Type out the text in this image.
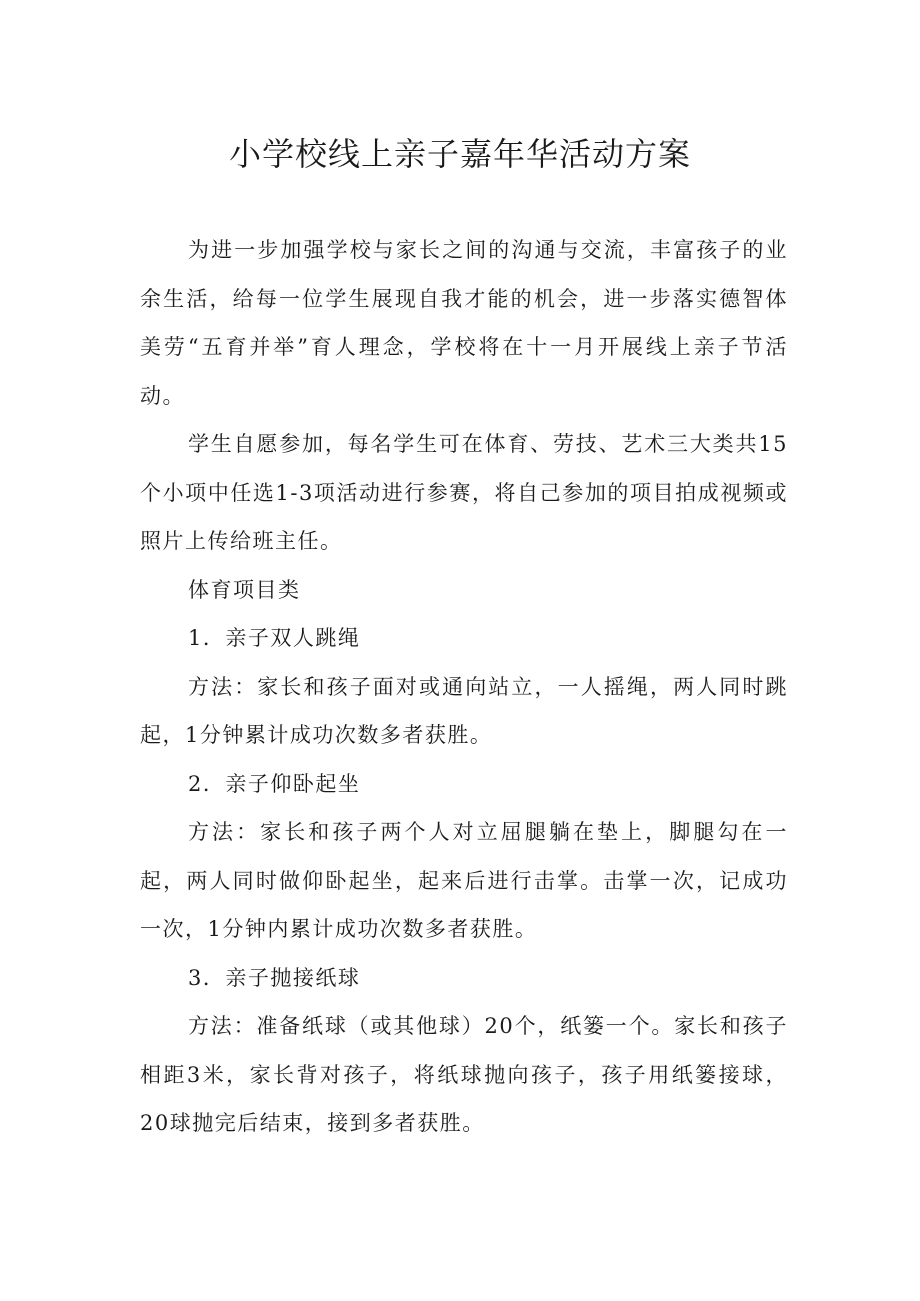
小学校线上亲子嘉年华活动方案

为进一步加强学校与家长之间的沟通与交流，丰富孩子的业余生活，给每一位学生展现自我才能的机会，进一步落实德智体美劳“五育并举”育人理念，学校将在十一月开展线上亲子节活动。

学生自愿参加，每名学生可在体育、劳技、艺术三大类共15个小项中任选1-3项活动进行参赛，将自己参加的项目拍成视频或照片上传给班主任。

体育项目类

1．亲子双人跳绳

方法：家长和孩子面对或通向站立，一人摇绳，两人同时跳起，1分钟累计成功次数多者获胜。

2．亲子仰卧起坐

方法：家长和孩子两个人对立屈腿躺在垫上，脚腿勾在一起，两人同时做仰卧起坐，起来后进行击掌。击掌一次，记成功一次，1分钟内累计成功次数多者获胜。

3．亲子抛接纸球

方法：准备纸球（或其他球）20个，纸篓一个。家长和孩子相距3米，家长背对孩子，将纸球抛向孩子，孩子用纸篓接球，20球抛完后结束，接到多者获胜。
